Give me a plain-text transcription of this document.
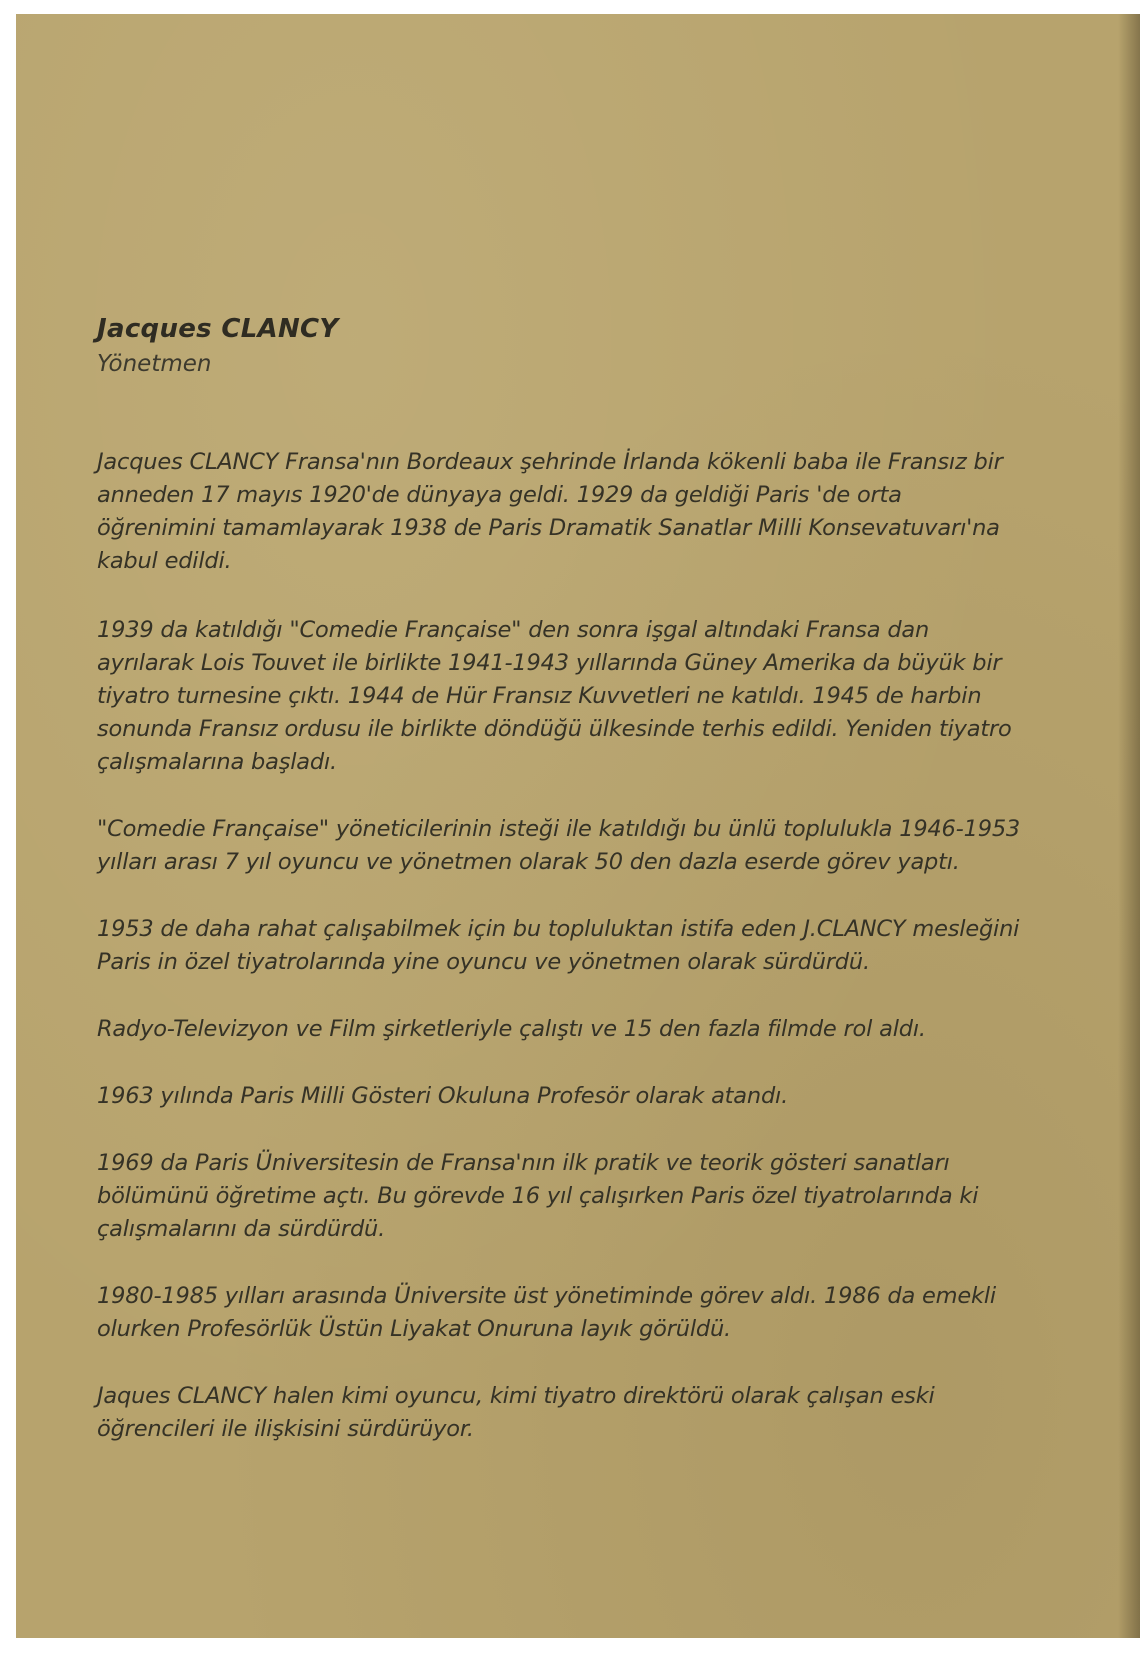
Jacques CLANCY
Yönetmen

Jacques CLANCY Fransa'nın Bordeaux şehrinde İrlanda kökenli baba ile Fransız bir anneden 17 mayıs 1920'de dünyaya geldi. 1929 da geldiği Paris 'de orta öğrenimini tamamlayarak 1938 de Paris Dramatik Sanatlar Milli Konsevatuvarı'na kabul edildi.

1939 da katıldığı "Comedie Française" den sonra işgal altındaki Fransa dan ayrılarak Lois Touvet ile birlikte 1941-1943 yıllarında Güney Amerika da büyük bir tiyatro turnesine çıktı. 1944 de Hür Fransız Kuvvetleri ne katıldı. 1945 de harbin sonunda Fransız ordusu ile birlikte döndüğü ülkesinde terhis edildi. Yeniden tiyatro çalışmalarına başladı.

"Comedie Française" yöneticilerinin isteği ile katıldığı bu ünlü toplulukla 1946-1953 yılları arası 7 yıl oyuncu ve yönetmen olarak 50 den dazla eserde görev yaptı.

1953 de daha rahat çalışabilmek için bu topluluktan istifa eden J.CLANCY mesleğini Paris in özel tiyatrolarında yine oyuncu ve yönetmen olarak sürdürdü.

Radyo-Televizyon ve Film şirketleriyle çalıştı ve 15 den fazla filmde rol aldı.

1963 yılında Paris Milli Gösteri Okuluna Profesör olarak atandı.

1969 da Paris Üniversitesin de Fransa'nın ilk pratik ve teorik gösteri sanatları bölümünü öğretime açtı. Bu görevde 16 yıl çalışırken Paris özel tiyatrolarında ki çalışmalarını da sürdürdü.

1980-1985 yılları arasında Üniversite üst yönetiminde görev aldı. 1986 da emekli olurken Profesörlük Üstün Liyakat Onuruna layık görüldü.

Jaques CLANCY halen kimi oyuncu, kimi tiyatro direktörü olarak çalışan eski öğrencileri ile ilişkisini sürdürüyor.
